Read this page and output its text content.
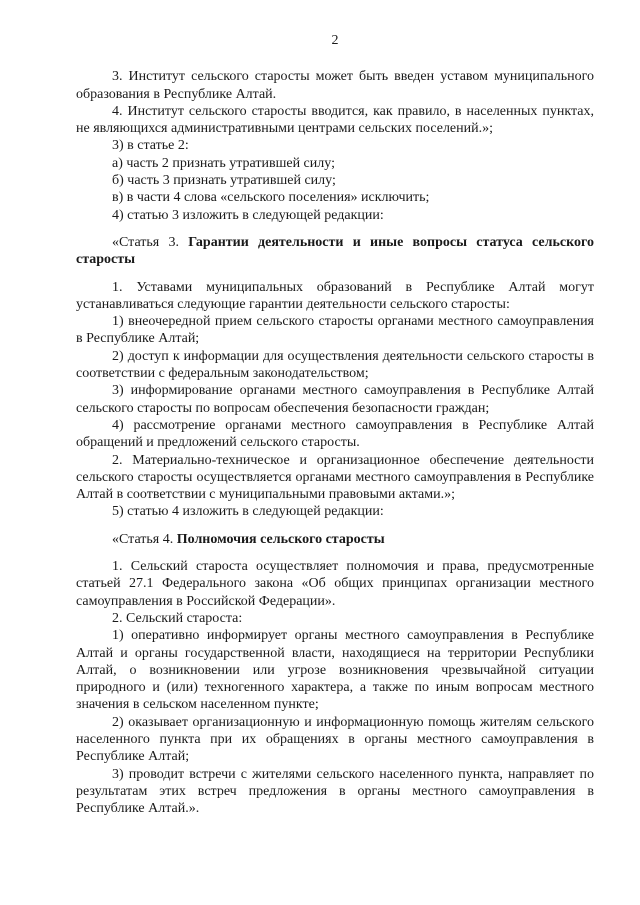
2

3. Институт сельского старосты может быть введен уставом муниципального образования в Республике Алтай.

4. Институт сельского старосты вводится, как правило, в населенных пунктах, не являющихся административными центрами сельских поселений.»;

3) в статье 2:

а) часть 2 признать утратившей силу;

б) часть 3 признать утратившей силу;

в) в части 4 слова «сельского поселения» исключить;

4) статью 3 изложить в следующей редакции:

«Статья 3. Гарантии деятельности и иные вопросы статуса сельского старосты

1. Уставами муниципальных образований в Республике Алтай могут устанавливаться следующие гарантии деятельности сельского старосты:

1) внеочередной прием сельского старосты органами местного самоуправления в Республике Алтай;

2) доступ к информации для осуществления деятельности сельского старосты в соответствии с федеральным законодательством;

3) информирование органами местного самоуправления в Республике Алтай сельского старосты по вопросам обеспечения безопасности граждан;

4) рассмотрение органами местного самоуправления в Республике Алтай обращений и предложений сельского старосты.

2. Материально-техническое и организационное обеспечение деятельности сельского старосты осуществляется органами местного самоуправления в Республике Алтай в соответствии с муниципальными правовыми актами.»;

5) статью 4 изложить в следующей редакции:

«Статья 4. Полномочия сельского старосты

1. Сельский староста осуществляет полномочия и права, предусмотренные статьей 27.1 Федерального закона «Об общих принципах организации местного самоуправления в Российской Федерации».

2. Сельский староста:

1) оперативно информирует органы местного самоуправления в Республике Алтай и органы государственной власти, находящиеся на территории Республики Алтай, о возникновении или угрозе возникновения чрезвычайной ситуации природного и (или) техногенного характера, а также по иным вопросам местного значения в сельском населенном пункте;

2) оказывает организационную и информационную помощь жителям сельского населенного пункта при их обращениях в органы местного самоуправления в Республике Алтай;

3) проводит встречи с жителями сельского населенного пункта, направляет по результатам этих встреч предложения в органы местного самоуправления в Республике Алтай.».
